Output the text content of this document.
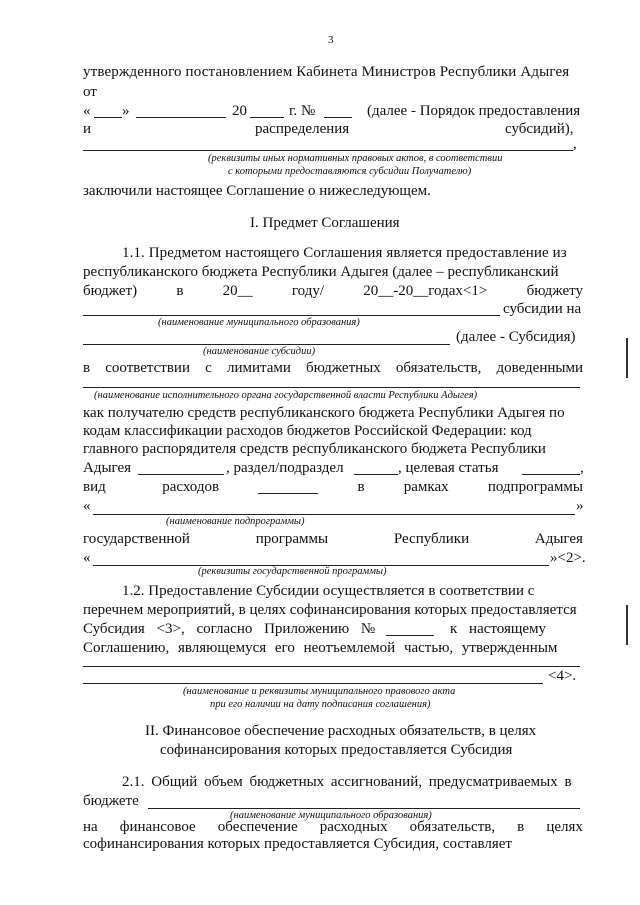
3
утвержденного постановлением Кабинета Министров Республики Адыгея
от
« »	20	г. №	(далее - Порядок предоставления
и	распределения	субсидий),
,
(реквизиты иных нормативных правовых актов, в соответствии
с которыми предоставляются субсидии Получателю)
заключили настоящее Соглашение о нижеследующем.
I. Предмет Соглашения
1.1. Предметом настоящего Соглашения является предоставление из
республиканского бюджета Республики Адыгея (далее – республиканский
бюджет)	в	20__	году/	20__-20__годах<1>	бюджету
субсидии на
(наименование муниципального образования)
(далее - Субсидия)
(наименование субсидии)
в соответствии с лимитами бюджетных обязательств, доведенными
(наименование исполнительного органа государственной власти Республики Адыгея)
как получателю средств республиканского бюджета Республики Адыгея по
кодам классификации расходов бюджетов Российской Федерации: код
главного распорядителя средств республиканского бюджета Республики
Адыгея	, раздел/подраздел	, целевая статья	,
вид	расходов	в	рамках	подпрограммы
«	»
(наименование подпрограммы)
государственной	программы	Республики	Адыгея
«	»<2>.
(реквизиты государственной программы)
1.2. Предоставление Субсидии осуществляется в соответствии с
перечнем мероприятий, в целях софинансирования которых предоставляется
Субсидия <3>, согласно Приложению №	к настоящему
Соглашению, являющемуся его неотъемлемой частью, утвержденным
<4>.
(наименование и реквизиты муниципального правового акта
при его наличии на дату подписания соглашения)
II. Финансовое обеспечение расходных обязательств, в целях
софинансирования которых предоставляется Субсидия
2.1. Общий объем бюджетных ассигнований, предусматриваемых в
бюджете
(наименование муниципального образования)
на финансовое обеспечение расходных обязательств, в целях
софинансирования которых предоставляется Субсидия, составляет
